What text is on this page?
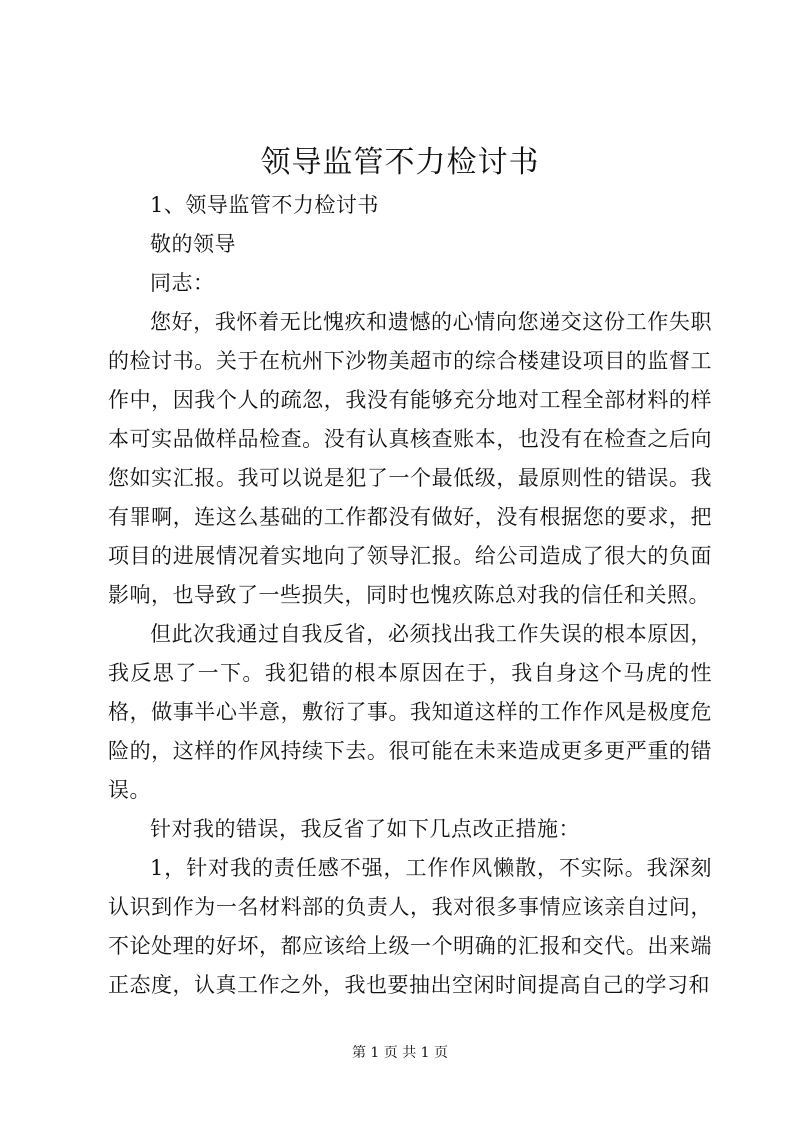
领导监管不力检讨书

1、领导监管不力检讨书

敬的领导

同志：

您好，我怀着无比愧疚和遗憾的心情向您递交这份工作失职的检讨书。关于在杭州下沙物美超市的综合楼建设项目的监督工作中，因我个人的疏忽，我没有能够充分地对工程全部材料的样本可实品做样品检查。没有认真核查账本，也没有在检查之后向您如实汇报。我可以说是犯了一个最低级，最原则性的错误。我有罪啊，连这么基础的工作都没有做好，没有根据您的要求，把项目的进展情况着实地向了领导汇报。给公司造成了很大的负面影响，也导致了一些损失，同时也愧疚陈总对我的信任和关照。

但此次我通过自我反省，必须找出我工作失误的根本原因，我反思了一下。我犯错的根本原因在于，我自身这个马虎的性格，做事半心半意，敷衍了事。我知道这样的工作作风是极度危险的，这样的作风持续下去。很可能在未来造成更多更严重的错误。

针对我的错误，我反省了如下几点改正措施：

1，针对我的责任感不强，工作作风懒散，不实际。我深刻认识到作为一名材料部的负责人，我对很多事情应该亲自过问，不论处理的好坏，都应该给上级一个明确的汇报和交代。出来端正态度，认真工作之外，我也要抽出空闲时间提高自己的学习和

第 1 页 共 1 页
